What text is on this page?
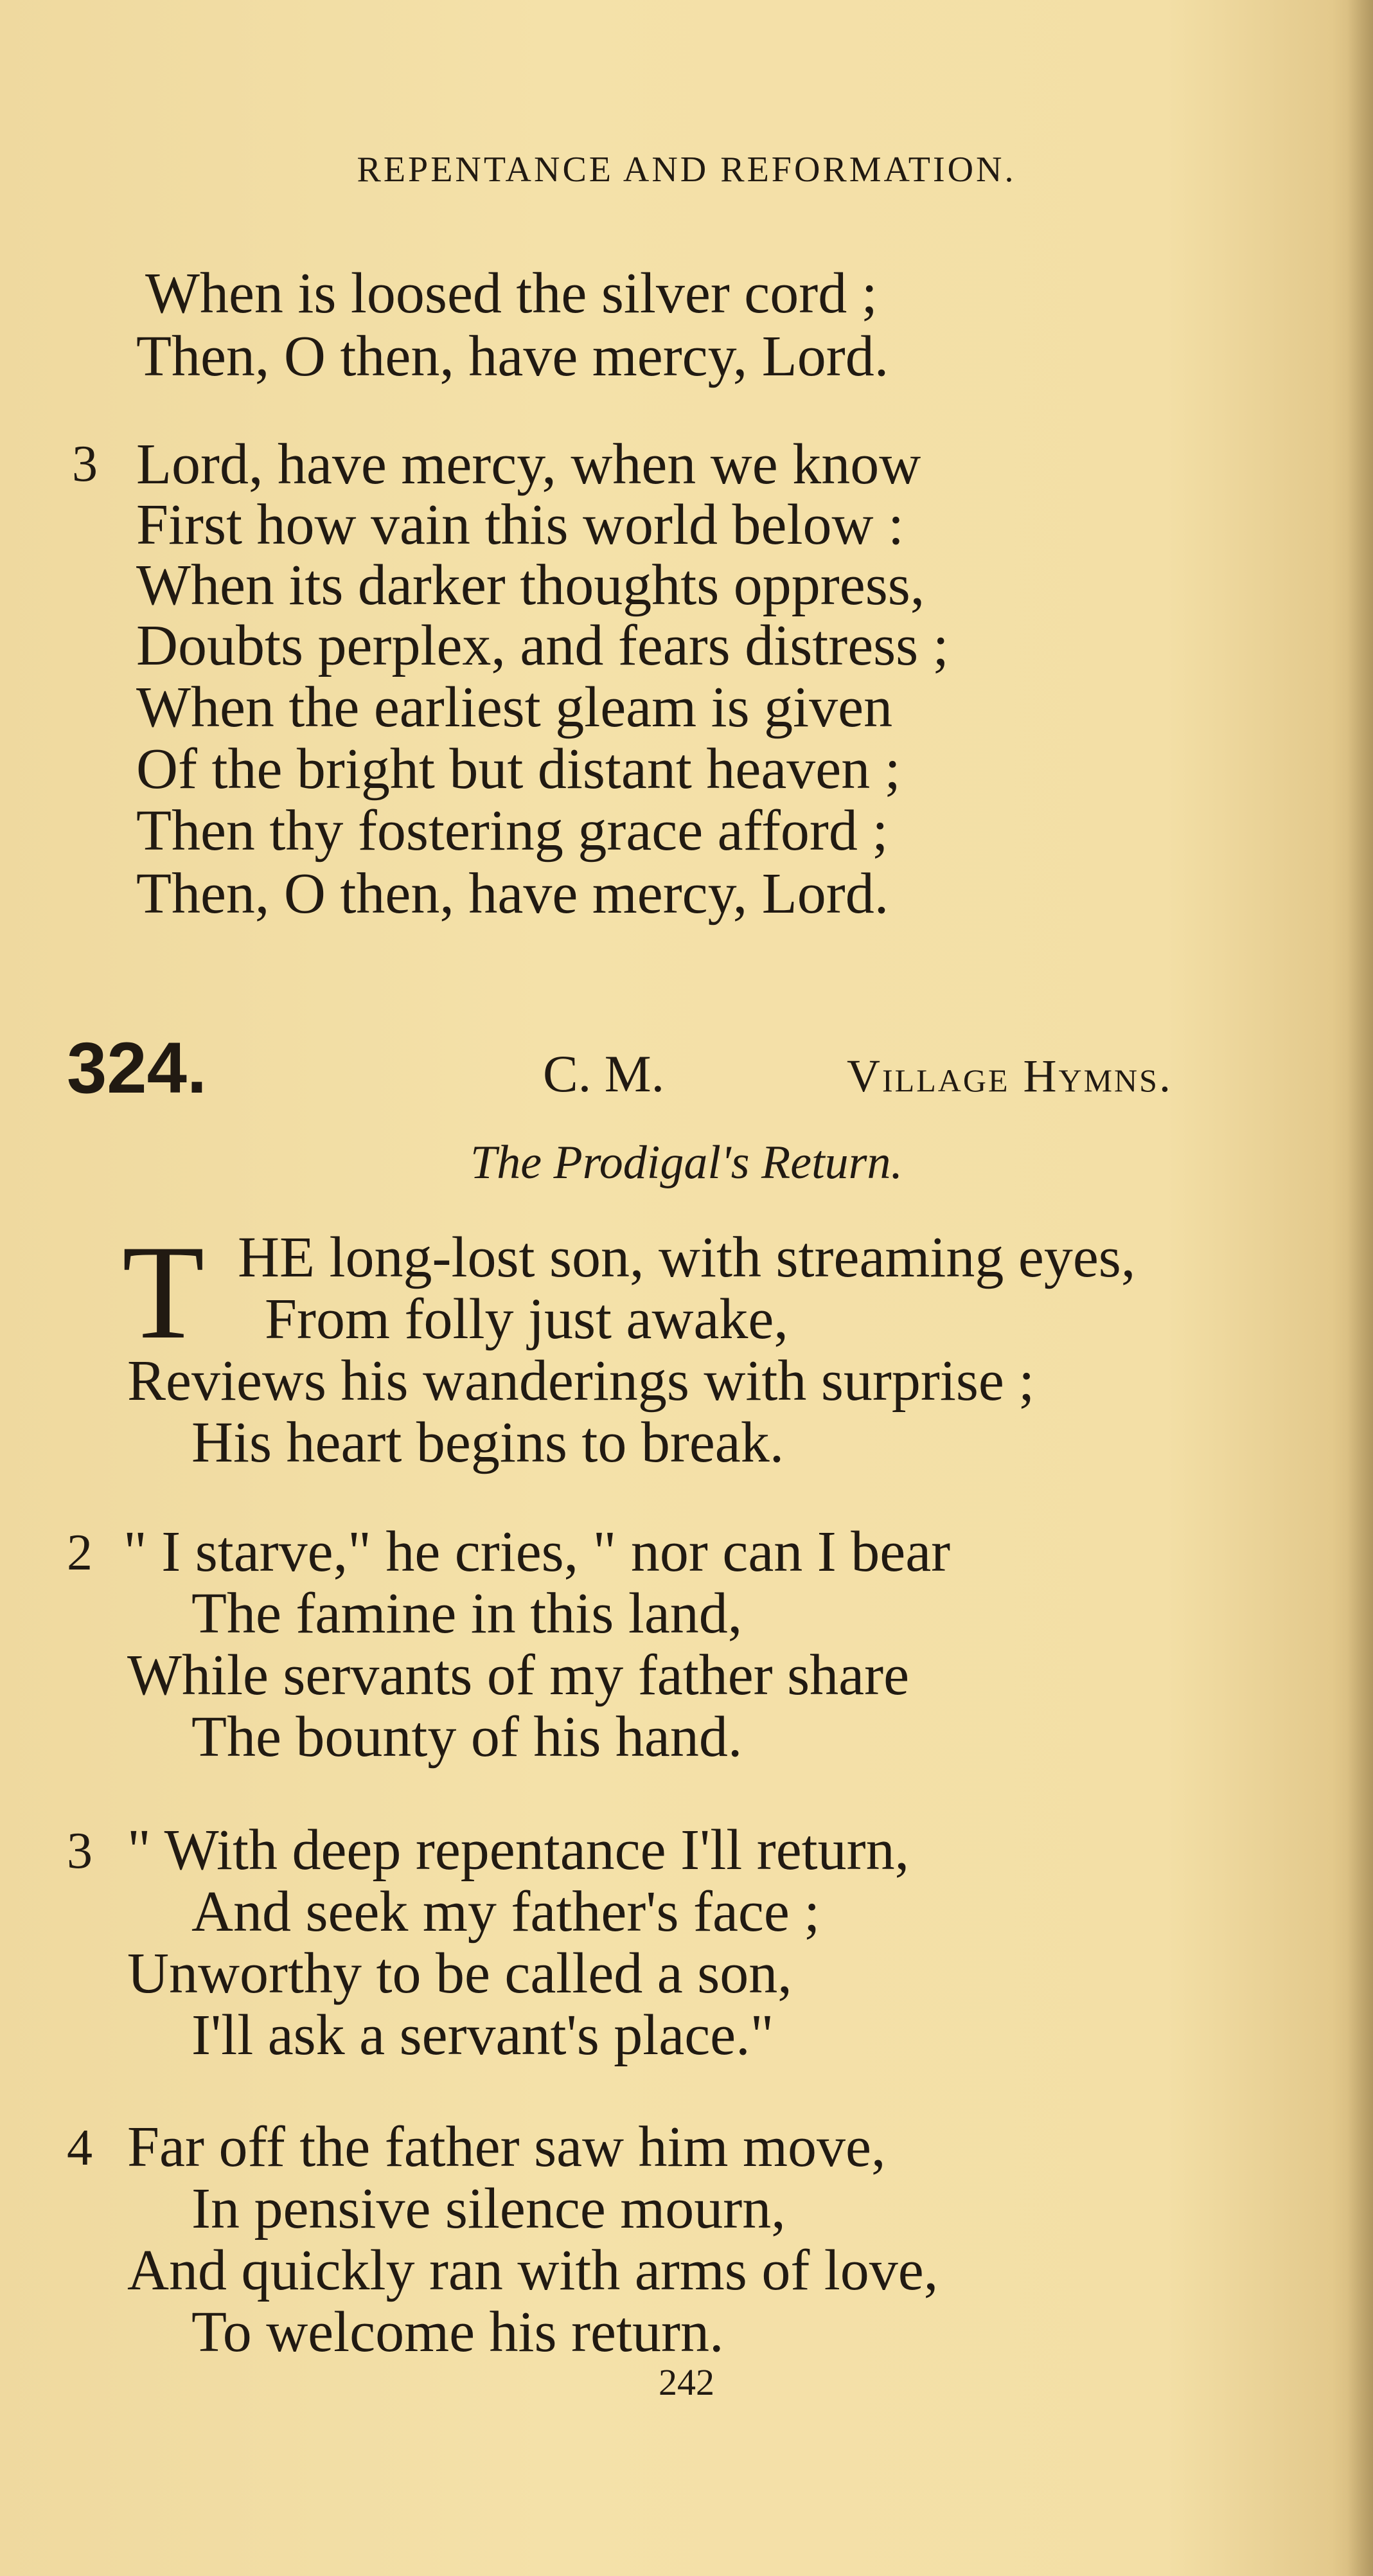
REPENTANCE AND REFORMATION.
When is loosed the silver cord ;
Then, O then, have mercy, Lord.
3 Lord, have mercy, when we know
First how vain this world below :
When its darker thoughts oppress,
Doubts perplex, and fears distress ;
When the earliest gleam is given
Of the bright but distant heaven ;
Then thy fostering grace afford ;
Then, O then, have mercy, Lord.
324.	C. M.	Village Hymns.
The Prodigal's Return.
T HE long-lost son, with streaming eyes,
From folly just awake,
Reviews his wanderings with surprise ;
His heart begins to break.
2 " I starve," he cries, " nor can I bear
The famine in this land,
While servants of my father share
The bounty of his hand.
3 " With deep repentance I'll return,
And seek my father's face ;
Unworthy to be called a son,
I'll ask a servant's place."
4 Far off the father saw him move,
In pensive silence mourn,
And quickly ran with arms of love,
To welcome his return.
242
